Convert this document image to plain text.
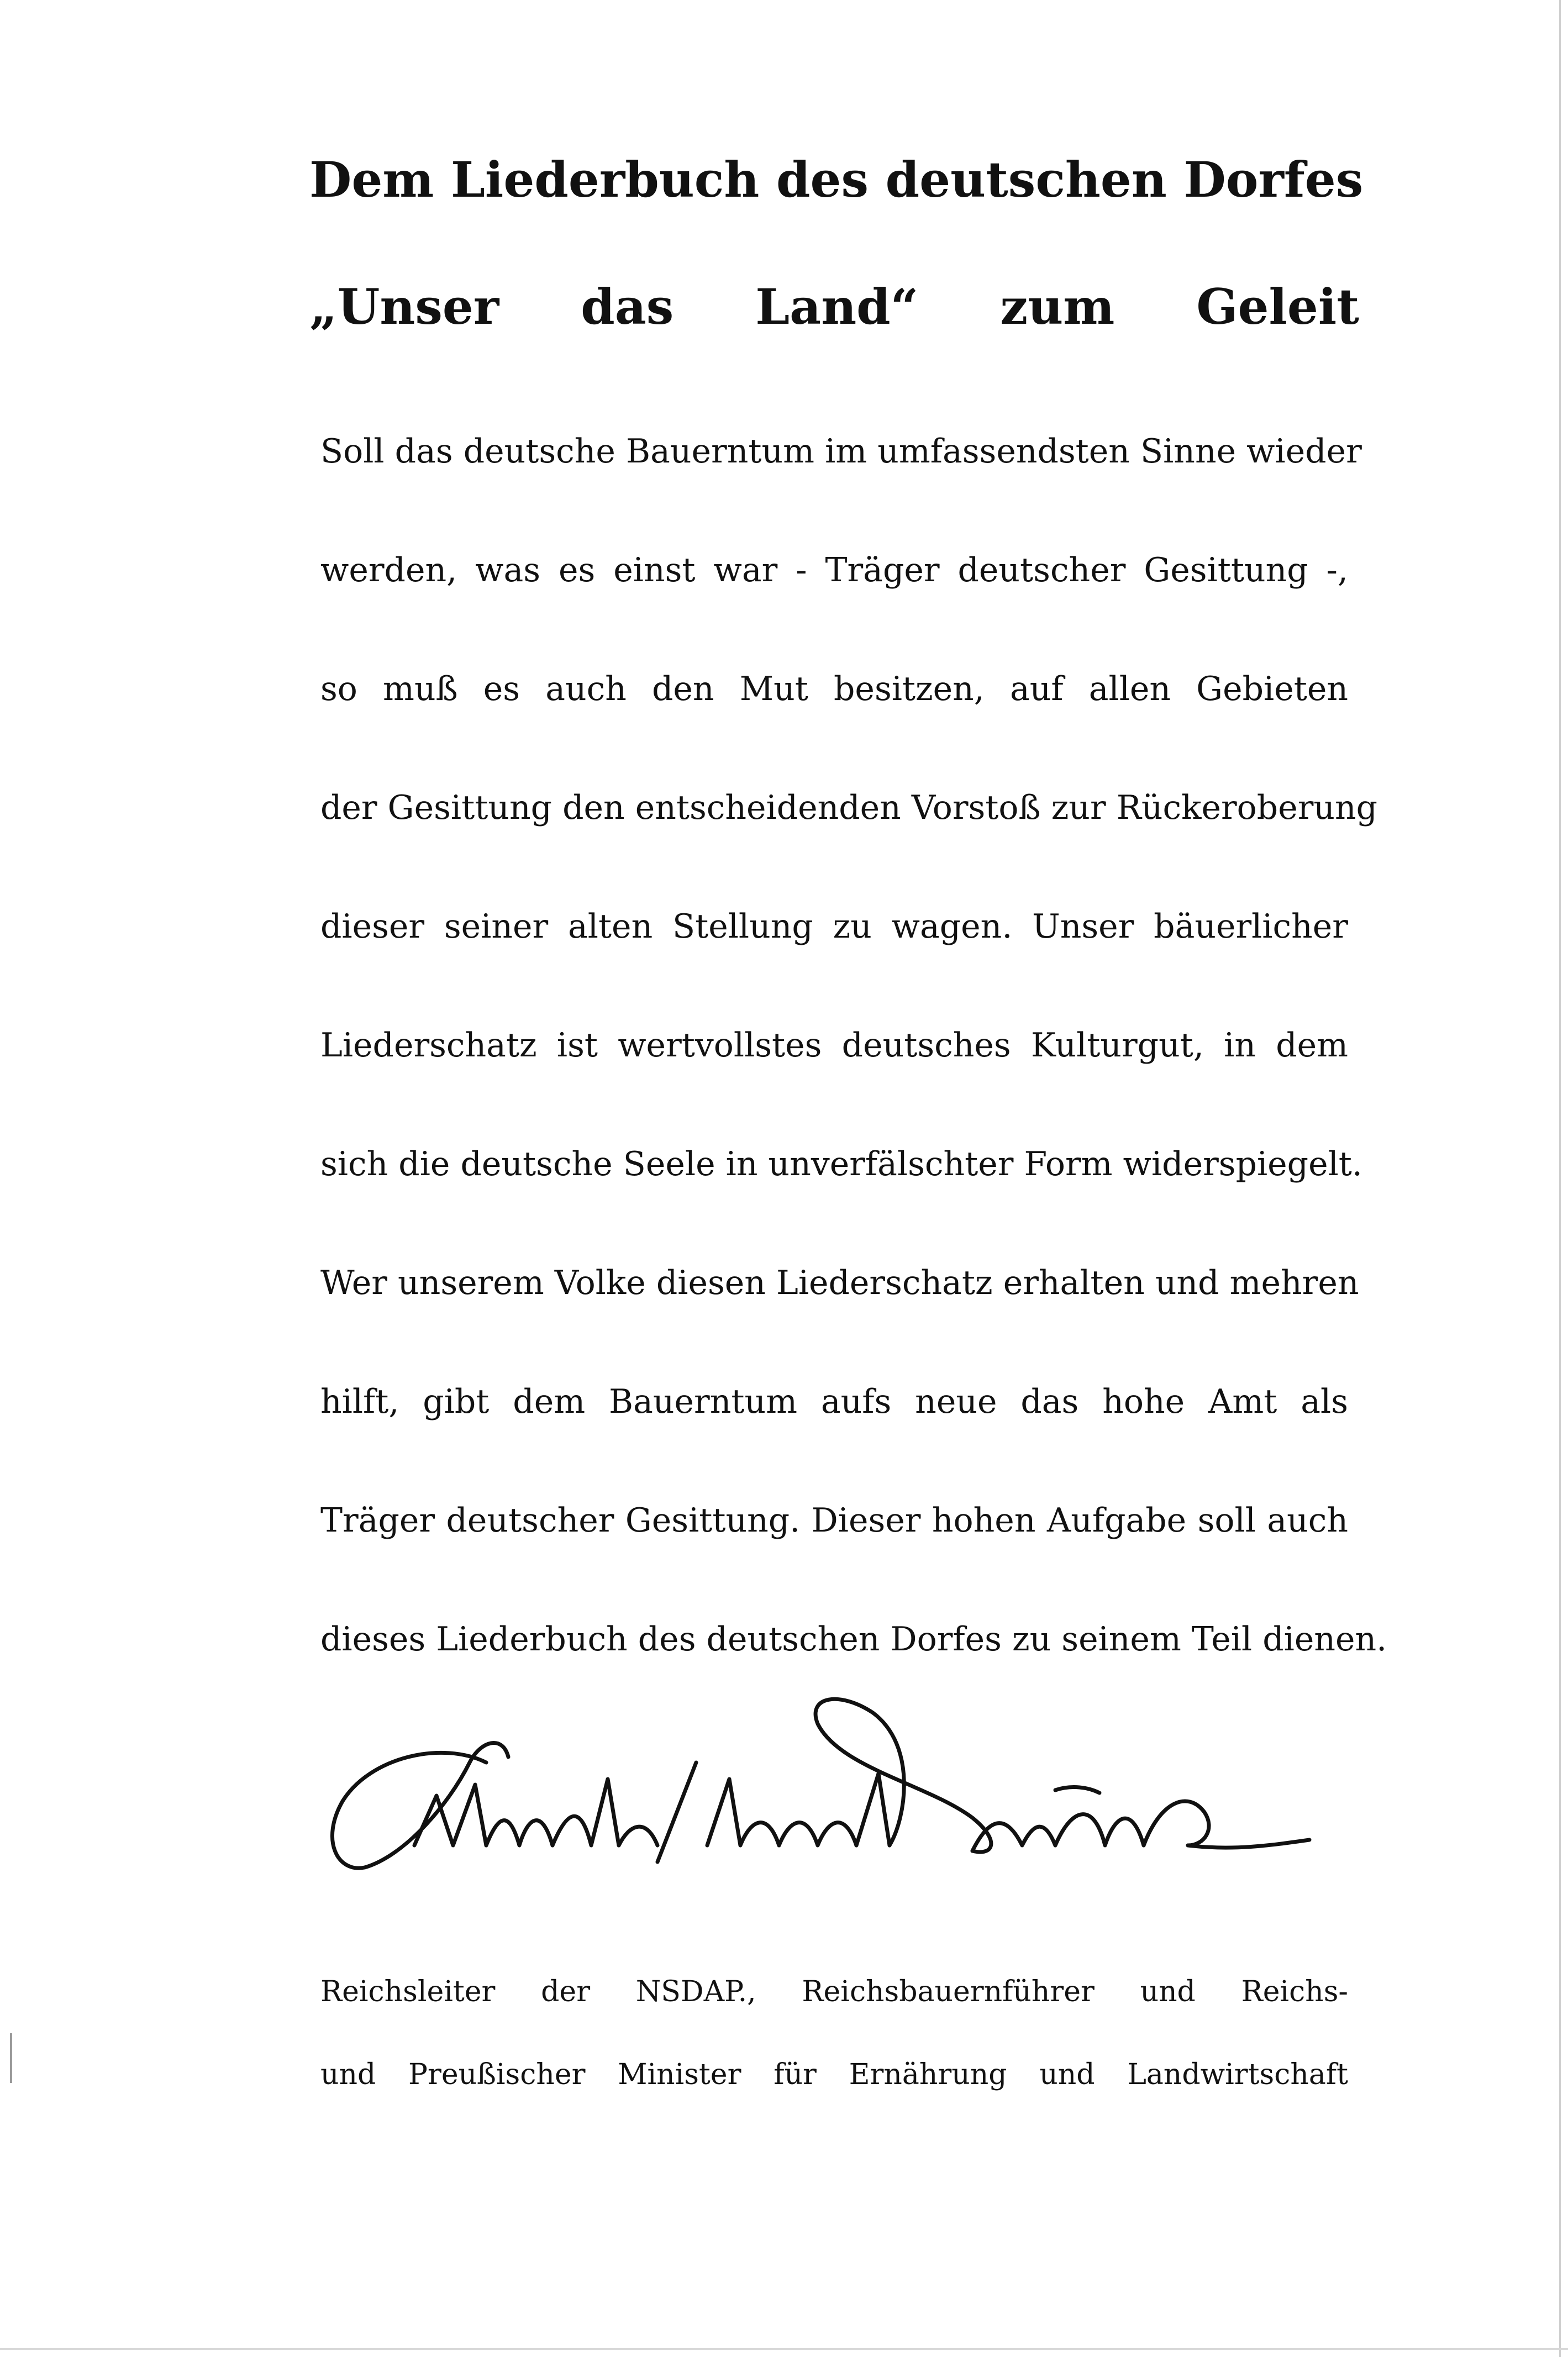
Dem Liederbuch des deutschen Dorfes
„Unser das Land“ zum Geleit
Soll das deutsche Bauerntum im umfassendsten Sinne wieder
werden, was es einst war - Träger deutscher Gesittung -,
so muß es auch den Mut besitzen, auf allen Gebieten
der Gesittung den entscheidenden Vorstoß zur Rückeroberung
dieser seiner alten Stellung zu wagen. Unser bäuerlicher
Liederschatz ist wertvollstes deutsches Kulturgut, in dem
sich die deutsche Seele in unverfälschter Form widerspiegelt.
Wer unserem Volke diesen Liederschatz erhalten und mehren
hilft, gibt dem Bauerntum aufs neue das hohe Amt als
Träger deutscher Gesittung. Dieser hohen Aufgabe soll auch
dieses Liederbuch des deutschen Dorfes zu seinem Teil dienen.
Reichsleiter der NSDAP., Reichsbauernführer und Reichs-
und Preußischer Minister für Ernährung und Landwirtschaft
